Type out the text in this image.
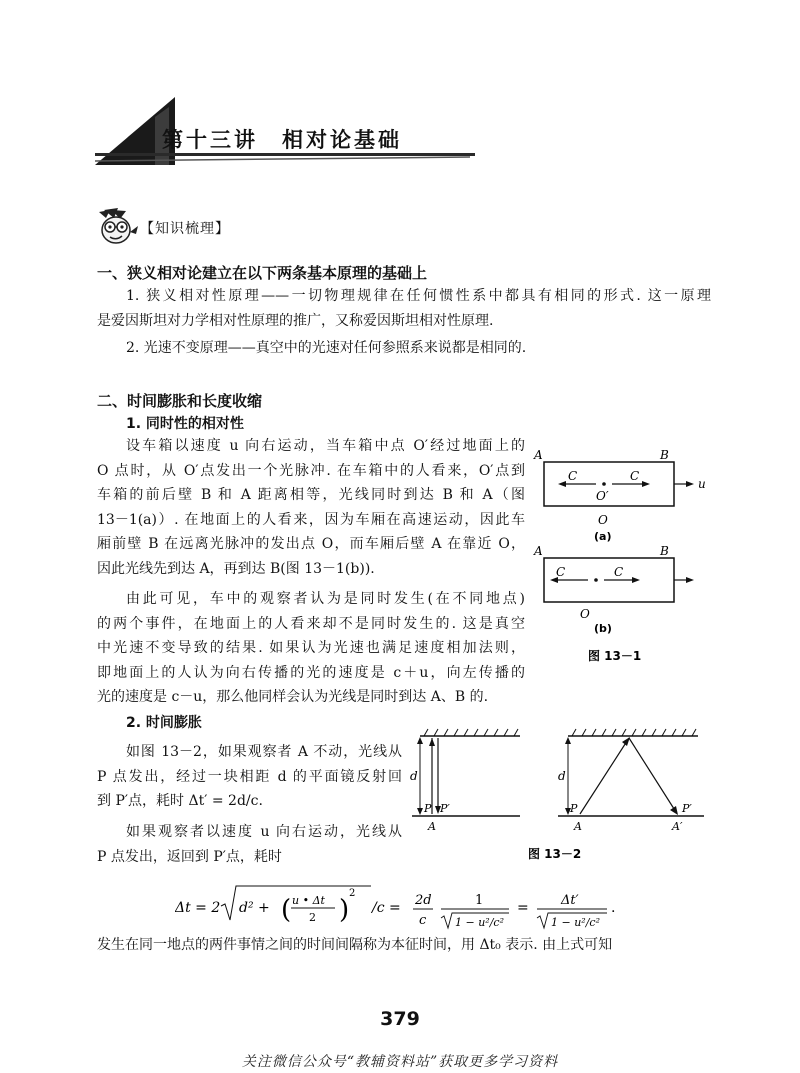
第十三讲　相对论基础
【知识梳理】
一、狭义相对论建立在以下两条基本原理的基础上
1. 狭义相对性原理——一切物理规律在任何惯性系中都具有相同的形式. 这一原理
是爱因斯坦对力学相对性原理的推广，又称爱因斯坦相对性原理.
2. 光速不变原理——真空中的光速对任何参照系来说都是相同的.
二、时间膨胀和长度收缩
1. 同时性的相对性
设车箱以速度 u 向右运动，当车箱中点 O′经过地面上的
O 点时，从 O′点发出一个光脉冲. 在车箱中的人看来，O′点到
车箱的前后壁 B 和 A 距离相等，光线同时到达 B 和 A（图
13－1(a)）. 在地面上的人看来，因为车厢在高速运动，因此车
厢前壁 B 在远离光脉冲的发出点 O，而车厢后壁 A 在靠近 O，
因此光线先到达 A，再到达 B(图 13－1(b)).
由此可见，车中的观察者认为是同时发生(在不同地点)
的两个事件，在地面上的人看来却不是同时发生的. 这是真空
中光速不变导致的结果. 如果认为光速也满足速度相加法则，
即地面上的人认为向右传播的光的速度是 c＋u，向左传播的
光的速度是 c－u，那么他同样会认为光线是同时到达 A、B 的.
A	B
C	C
O′
u
O
(a)
A	B
C	C
O
(b)
图 13－1
2. 时间膨胀
如图 13－2，如果观察者 A 不动，光线从
P 点发出，经过一块相距 d 的平面镜反射回
到 P′点，耗时 Δt′ = 2d/c.
如果观察者以速度 u 向右运动，光线从
P 点发出，返回到 P′点，耗时
d
P P′
A
d
P	P′
A	A′
图 13－2
Δt = 2 d² + ( u • Δt
2 )
2
/c = 2d
c
1
1 − u²/c²
= Δt′
1 − u²/c²
.
发生在同一地点的两件事情之间的时间间隔称为本征时间，用 Δt₀ 表示. 由上式可知
379
关注微信公众号“教辅资料站”获取更多学习资料
